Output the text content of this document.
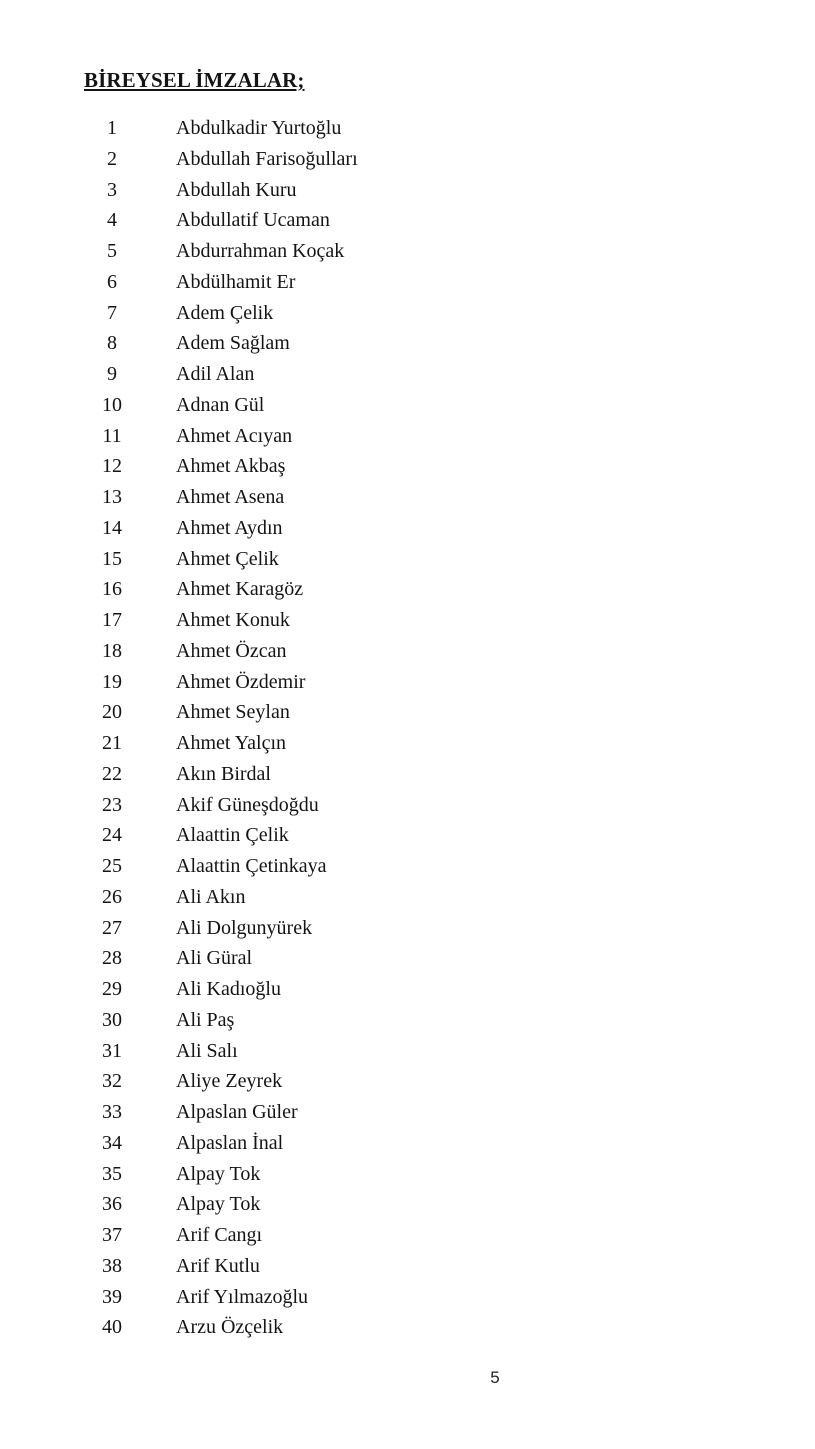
BİREYSEL İMZALAR;
1	Abdulkadir Yurtoğlu
2	Abdullah Farisoğulları
3	Abdullah Kuru
4	Abdullatif Ucaman
5	Abdurrahman Koçak
6	Abdülhamit Er
7	Adem Çelik
8	Adem Sağlam
9	Adil Alan
10	Adnan Gül
11	Ahmet Acıyan
12	Ahmet Akbaş
13	Ahmet Asena
14	Ahmet Aydın
15	Ahmet Çelik
16	Ahmet Karagöz
17	Ahmet Konuk
18	Ahmet Özcan
19	Ahmet Özdemir
20	Ahmet Seylan
21	Ahmet Yalçın
22	Akın Birdal
23	Akif Güneşdoğdu
24	Alaattin Çelik
25	Alaattin Çetinkaya
26	Ali Akın
27	Ali Dolgunyürek
28	Ali Güral
29	Ali Kadıoğlu
30	Ali Paş
31	Ali Salı
32	Aliye Zeyrek
33	Alpaslan Güler
34	Alpaslan İnal
35	Alpay Tok
36	Alpay Tok
37	Arif Cangı
38	Arif Kutlu
39	Arif Yılmazoğlu
40	Arzu Özçelik
5
